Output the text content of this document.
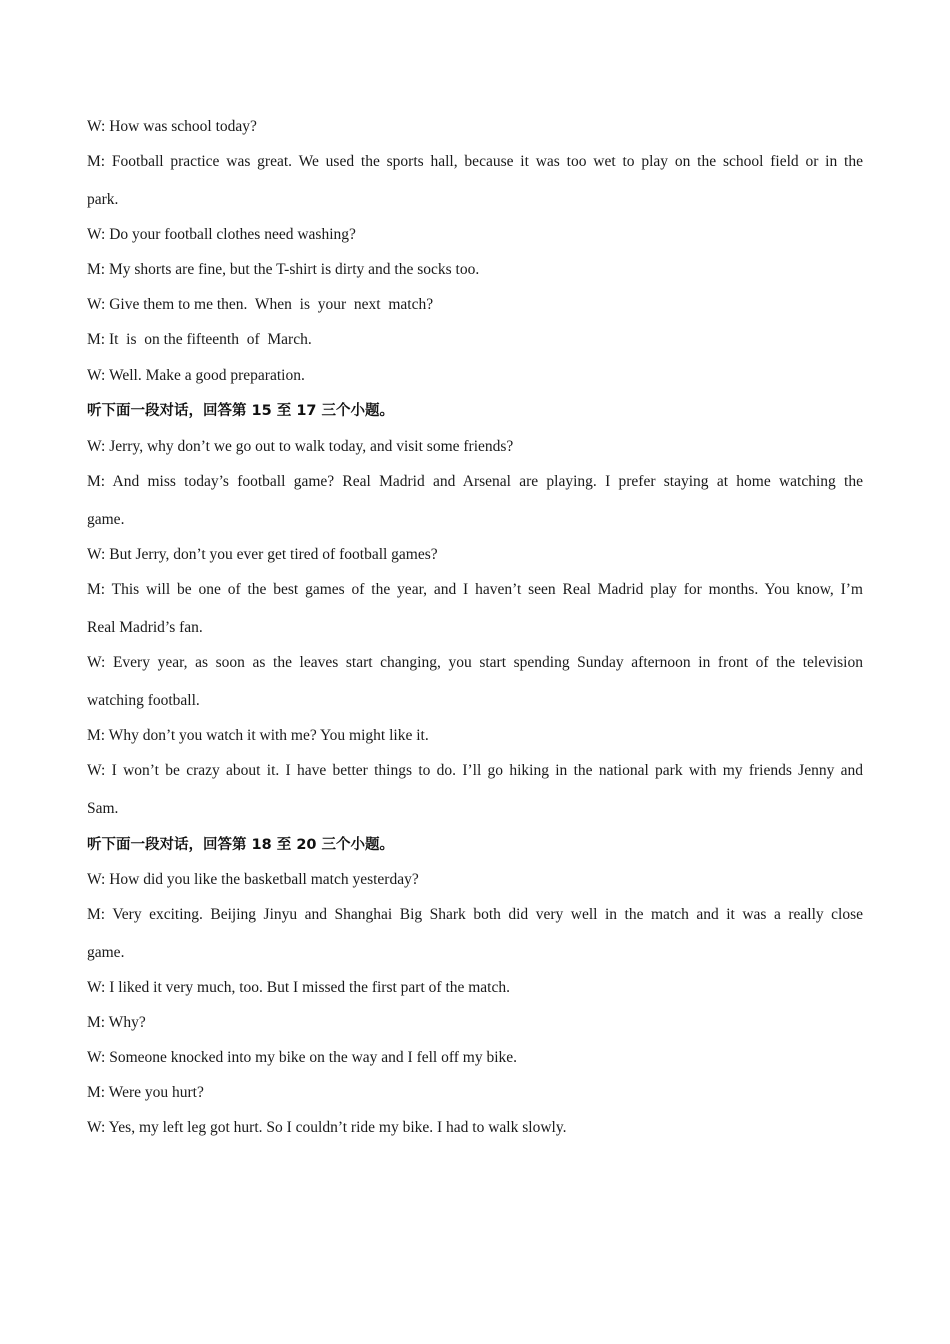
W: How was school today?
M: Football practice was great. We used the sports hall, because it was too wet to play on the school field or in the
park.
W: Do your football clothes need washing?
M: My shorts are fine, but the T-shirt is dirty and the socks too.
W: Give them to me then.  When  is  your  next  match?
M: It  is  on the fifteenth  of  March.
W: Well. Make a good preparation.
听下面一段对话，回答第 15 至 17 三个小题。
W: Jerry, why don’t we go out to walk today, and visit some friends?
M: And miss today’s football game? Real Madrid and Arsenal are playing. I prefer staying at home watching the
game.
W: But Jerry, don’t you ever get tired of football games?
M: This will be one of the best games of the year, and I haven’t seen Real Madrid play for months. You know, I’m
Real Madrid’s fan.
W: Every year, as soon as the leaves start changing, you start spending Sunday afternoon in front of the television
watching football.
M: Why don’t you watch it with me? You might like it.
W: I won’t be crazy about it. I have better things to do. I’ll go hiking in the national park with my friends Jenny and
Sam.
听下面一段对话，回答第 18 至 20 三个小题。
W: How did you like the basketball match yesterday?
M: Very exciting. Beijing Jinyu and Shanghai Big Shark both did very well in the match and it was a really close
game.
W: I liked it very much, too. But I missed the first part of the match.
M: Why?
W: Someone knocked into my bike on the way and I fell off my bike.
M: Were you hurt?
W: Yes, my left leg got hurt. So I couldn’t ride my bike. I had to walk slowly.
